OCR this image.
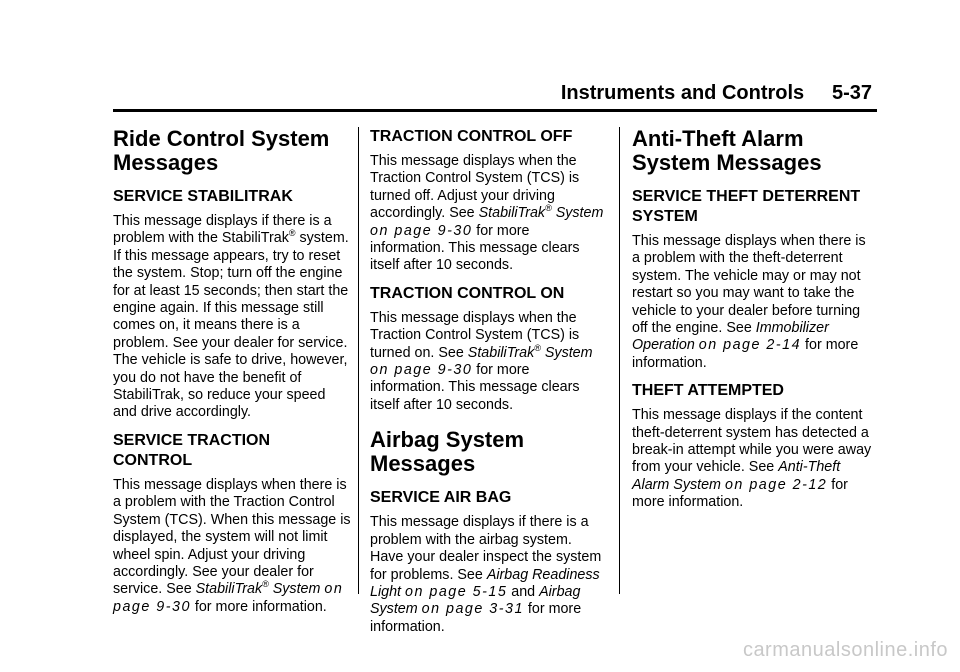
Instruments and Controls 5-37
Ride Control System Messages
SERVICE STABILITRAK

This message displays if there is a problem with the StabiliTrak® system. If this message appears, try to reset the system. Stop; turn off the engine for at least 15 seconds; then start the engine again. If this message still comes on, it means there is a problem. See your dealer for service. The vehicle is safe to drive, however, you do not have the benefit of StabiliTrak, so reduce your speed and drive accordingly.

SERVICE TRACTION CONTROL

This message displays when there is a problem with the Traction Control System (TCS). When this message is displayed, the system will not limit wheel spin. Adjust your driving accordingly. See your dealer for service. See StabiliTrak® System on page 9-30 for more information.

TRACTION CONTROL OFF

This message displays when the Traction Control System (TCS) is turned off. Adjust your driving accordingly. See StabiliTrak® System on page 9-30 for more information. This message clears itself after 10 seconds.

TRACTION CONTROL ON

This message displays when the Traction Control System (TCS) is turned on. See StabiliTrak® System on page 9-30 for more information. This message clears itself after 10 seconds.

Airbag System Messages
SERVICE AIR BAG

This message displays if there is a problem with the airbag system. Have your dealer inspect the system for problems. See Airbag Readiness Light on page 5-15 and Airbag System on page 3-31 for more information.

Anti-Theft Alarm System Messages
SERVICE THEFT DETERRENT SYSTEM

This message displays when there is a problem with the theft-deterrent system. The vehicle may or may not restart so you may want to take the vehicle to your dealer before turning off the engine. See Immobilizer Operation on page 2-14 for more information.

THEFT ATTEMPTED

This message displays if the content theft-deterrent system has detected a break-in attempt while you were away from your vehicle. See Anti-Theft Alarm System on page 2-12 for more information.

carmanualsonline.info
